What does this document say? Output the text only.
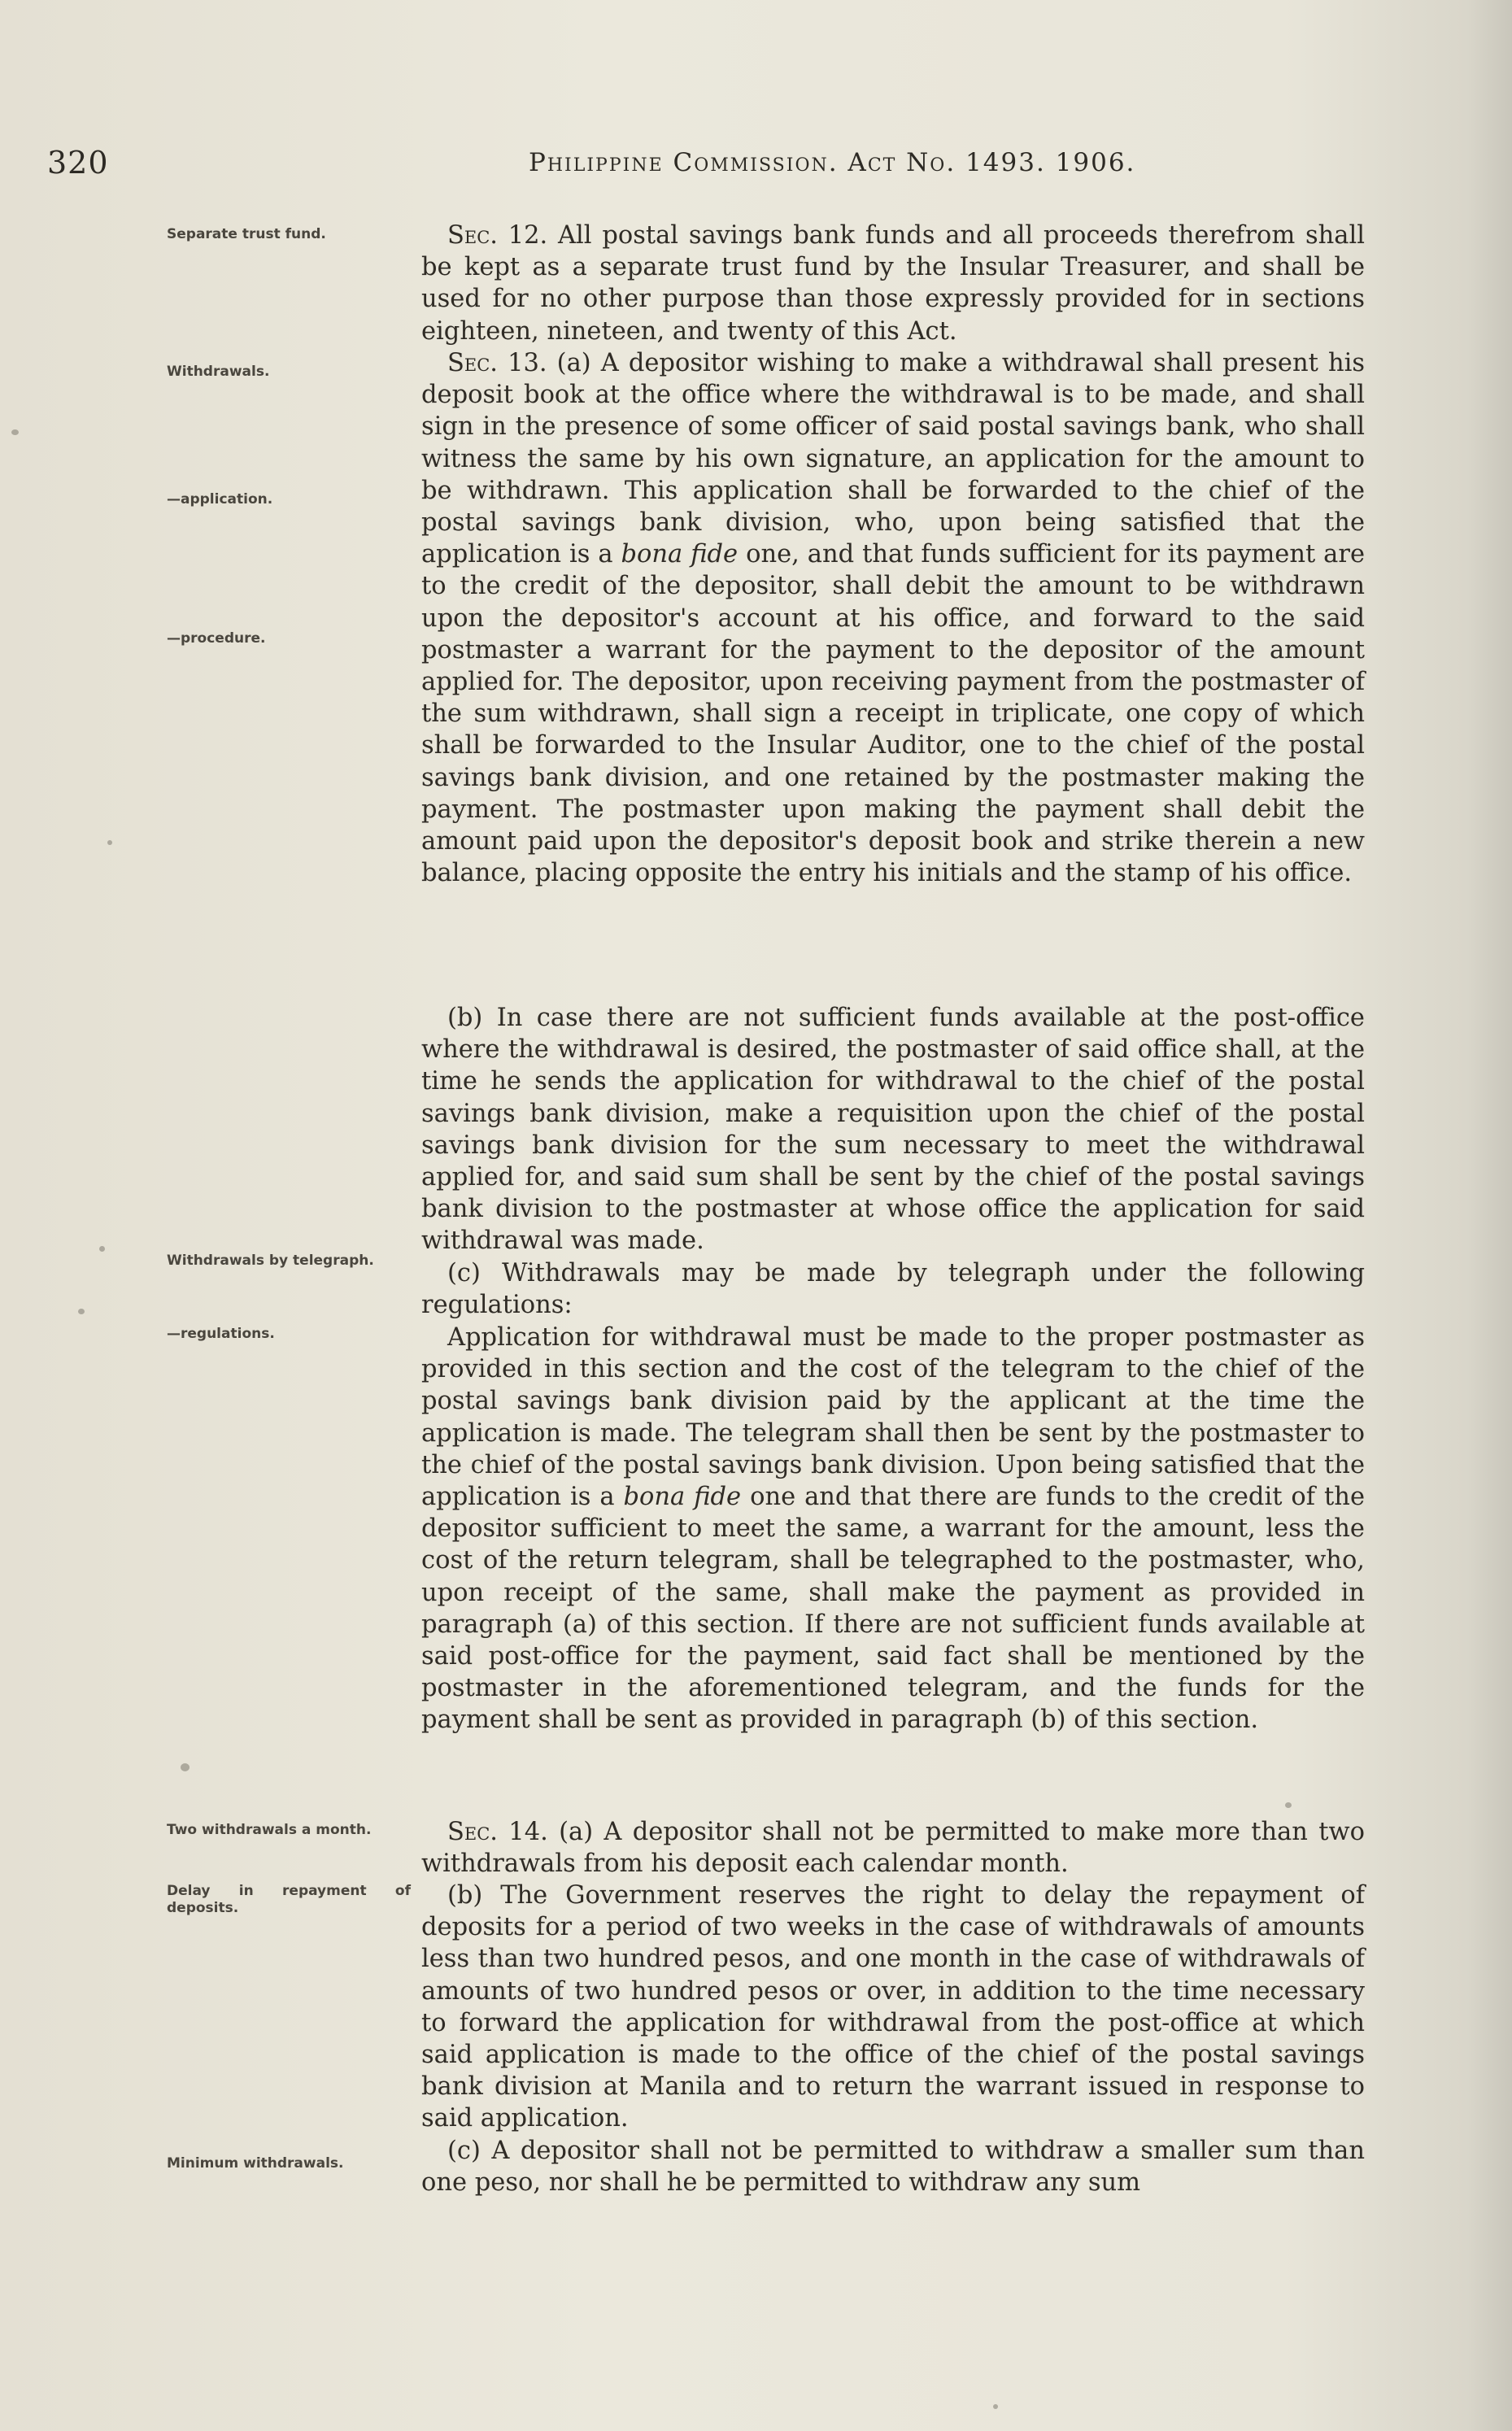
320	Philippine Commission. Act No. 1493. 1906.
Separate trust fund.
Withdrawals.
—application.
—procedure.
Withdrawals by telegraph.
—regulations.
Two withdrawals a month.
Delay in repayment of deposits.
Minimum withdrawals.

Sec. 12. All postal savings bank funds and all proceeds therefrom shall be kept as a separate trust fund by the Insular Treasurer, and shall be used for no other purpose than those expressly provided for in sections eighteen, nineteen, and twenty of this Act.

Sec. 13. (a) A depositor wishing to make a withdrawal shall present his deposit book at the office where the withdrawal is to be made, and shall sign in the presence of some officer of said postal savings bank, who shall witness the same by his own signature, an application for the amount to be withdrawn. This application shall be forwarded to the chief of the postal savings bank division, who, upon being satisfied that the application is a bona fide one, and that funds sufficient for its payment are to the credit of the depositor, shall debit the amount to be withdrawn upon the depositor's account at his office, and forward to the said postmaster a warrant for the payment to the depositor of the amount applied for. The depositor, upon receiving payment from the postmaster of the sum withdrawn, shall sign a receipt in triplicate, one copy of which shall be forwarded to the Insular Auditor, one to the chief of the postal savings bank division, and one retained by the postmaster making the payment. The postmaster upon making the payment shall debit the amount paid upon the depositor's deposit book and strike therein a new balance, placing opposite the entry his initials and the stamp of his office.

(b) In case there are not sufficient funds available at the post-office where the withdrawal is desired, the postmaster of said office shall, at the time he sends the application for withdrawal to the chief of the postal savings bank division, make a requisition upon the chief of the postal savings bank division for the sum necessary to meet the withdrawal applied for, and said sum shall be sent by the chief of the postal savings bank division to the postmaster at whose office the application for said withdrawal was made.

(c) Withdrawals may be made by telegraph under the following regulations:

Application for withdrawal must be made to the proper postmaster as provided in this section and the cost of the telegram to the chief of the postal savings bank division paid by the applicant at the time the application is made. The telegram shall then be sent by the postmaster to the chief of the postal savings bank division. Upon being satisfied that the application is a bona fide one and that there are funds to the credit of the depositor sufficient to meet the same, a warrant for the amount, less the cost of the return telegram, shall be telegraphed to the postmaster, who, upon receipt of the same, shall make the payment as provided in paragraph (a) of this section. If there are not sufficient funds available at said post-office for the payment, said fact shall be mentioned by the postmaster in the aforementioned telegram, and the funds for the payment shall be sent as provided in paragraph (b) of this section.

Sec. 14. (a) A depositor shall not be permitted to make more than two withdrawals from his deposit each calendar month.

(b) The Government reserves the right to delay the repayment of deposits for a period of two weeks in the case of withdrawals of amounts less than two hundred pesos, and one month in the case of withdrawals of amounts of two hundred pesos or over, in addition to the time necessary to forward the application for withdrawal from the post-office at which said application is made to the office of the chief of the postal savings bank division at Manila and to return the warrant issued in response to said application.

(c) A depositor shall not be permitted to withdraw a smaller sum than one peso, nor shall he be permitted to withdraw any sum
